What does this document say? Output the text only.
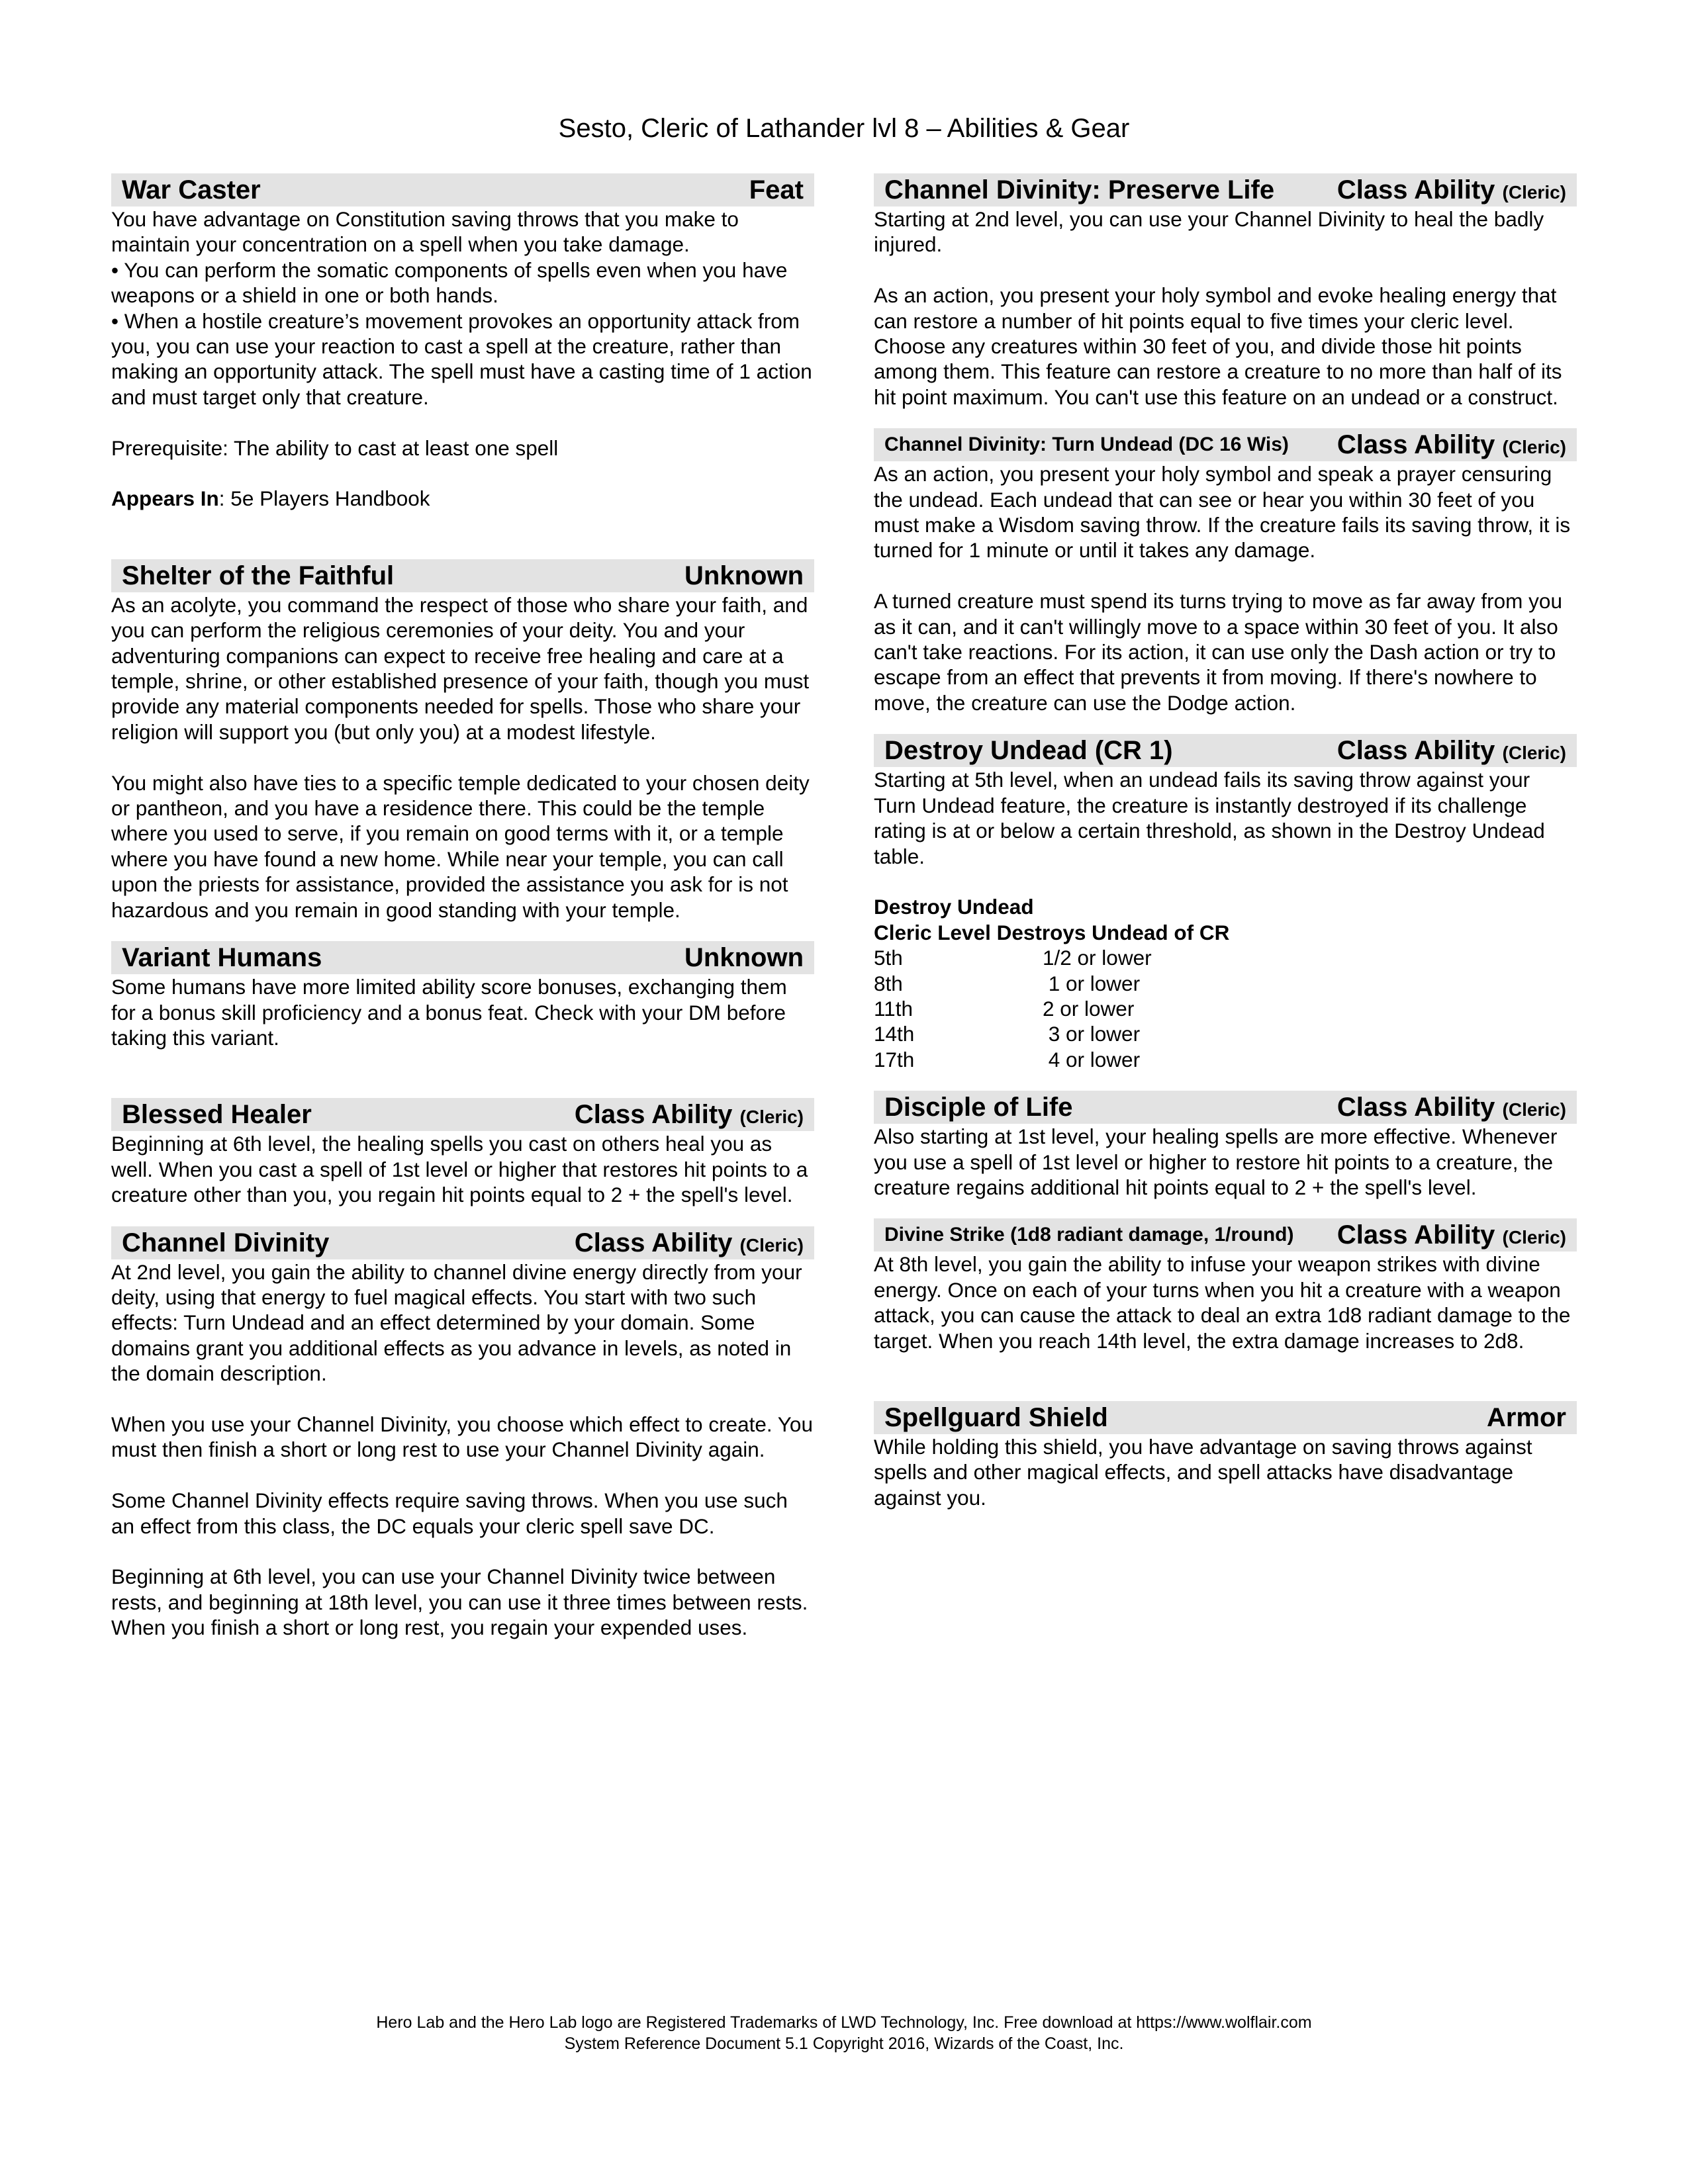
Sesto, Cleric of Lathander lvl 8 – Abilities & Gear
War Caster	Feat

You have advantage on Constitution saving throws that you make to maintain your concentration on a spell when you take damage.
• You can perform the somatic components of spells even when you have weapons or a shield in one or both hands.
• When a hostile creature’s movement provokes an opportunity attack from you, you can use your reaction to cast a spell at the creature, rather than making an opportunity attack. The spell must have a casting time of 1 action and must target only that creature.

Prerequisite: The ability to cast at least one spell

Appears In: 5e Players Handbook

Shelter of the Faithful	Unknown

As an acolyte, you command the respect of those who share your faith, and you can perform the religious ceremonies of your deity. You and your adventuring companions can expect to receive free healing and care at a temple, shrine, or other established presence of your faith, though you must provide any material components needed for spells. Those who share your religion will support you (but only you) at a modest lifestyle.

You might also have ties to a specific temple dedicated to your chosen deity or pantheon, and you have a residence there. This could be the temple where you used to serve, if you remain on good terms with it, or a temple where you have found a new home. While near your temple, you can call upon the priests for assistance, provided the assistance you ask for is not hazardous and you remain in good standing with your temple.

Variant Humans	Unknown

Some humans have more limited ability score bonuses, exchanging them for a bonus skill proficiency and a bonus feat. Check with your DM before taking this variant.

Blessed Healer	Class Ability (Cleric)

Beginning at 6th level, the healing spells you cast on others heal you as well. When you cast a spell of 1st level or higher that restores hit points to a creature other than you, you regain hit points equal to 2 + the spell's level.

Channel Divinity	Class Ability (Cleric)

At 2nd level, you gain the ability to channel divine energy directly from your deity, using that energy to fuel magical effects. You start with two such effects: Turn Undead and an effect determined by your domain. Some domains grant you additional effects as you advance in levels, as noted in the domain description.

When you use your Channel Divinity, you choose which effect to create. You must then finish a short or long rest to use your Channel Divinity again.

Some Channel Divinity effects require saving throws. When you use such an effect from this class, the DC equals your cleric spell save DC.

Beginning at 6th level, you can use your Channel Divinity twice between rests, and beginning at 18th level, you can use it three times between rests. When you finish a short or long rest, you regain your expended uses.

Channel Divinity: Preserve Life Class Ability (Cleric)

Starting at 2nd level, you can use your Channel Divinity to heal the badly injured.

As an action, you present your holy symbol and evoke healing energy that can restore a number of hit points equal to five times your cleric level. Choose any creatures within 30 feet of you, and divide those hit points among them. This feature can restore a creature to no more than half of its hit point maximum. You can't use this feature on an undead or a construct.

Channel Divinity: Turn Undead (DC 16 Wis) Class Ability (Cleric)

As an action, you present your holy symbol and speak a prayer censuring the undead. Each undead that can see or hear you within 30 feet of you must make a Wisdom saving throw. If the creature fails its saving throw, it is turned for 1 minute or until it takes any damage.

A turned creature must spend its turns trying to move as far away from you as it can, and it can't willingly move to a space within 30 feet of you. It also can't take reactions. For its action, it can use only the Dash action or try to escape from an effect that prevents it from moving. If there's nowhere to move, the creature can use the Dodge action.

Destroy Undead (CR 1)	Class Ability (Cleric)

Starting at 5th level, when an undead fails its saving throw against your Turn Undead feature, the creature is instantly destroyed if its challenge rating is at or below a certain threshold, as shown in the Destroy Undead table.

Destroy Undead
Cleric Level Destroys Undead of CR
5th	1/2 or lower
8th	1 or lower
11th	2 or lower
14th	3 or lower
17th	4 or lower
Disciple of Life	Class Ability (Cleric)

Also starting at 1st level, your healing spells are more effective. Whenever you use a spell of 1st level or higher to restore hit points to a creature, the creature regains additional hit points equal to 2 + the spell's level.

Divine Strike (1d8 radiant damage, 1/round) Class Ability (Cleric)

At 8th level, you gain the ability to infuse your weapon strikes with divine energy. Once on each of your turns when you hit a creature with a weapon attack, you can cause the attack to deal an extra 1d8 radiant damage to the target. When you reach 14th level, the extra damage increases to 2d8.

Spellguard Shield	Armor

While holding this shield, you have advantage on saving throws against spells and other magical effects, and spell attacks have disadvantage against you.

Hero Lab and the Hero Lab logo are Registered Trademarks of LWD Technology, Inc. Free download at https://www.wolflair.com
System Reference Document 5.1 Copyright 2016, Wizards of the Coast, Inc.
